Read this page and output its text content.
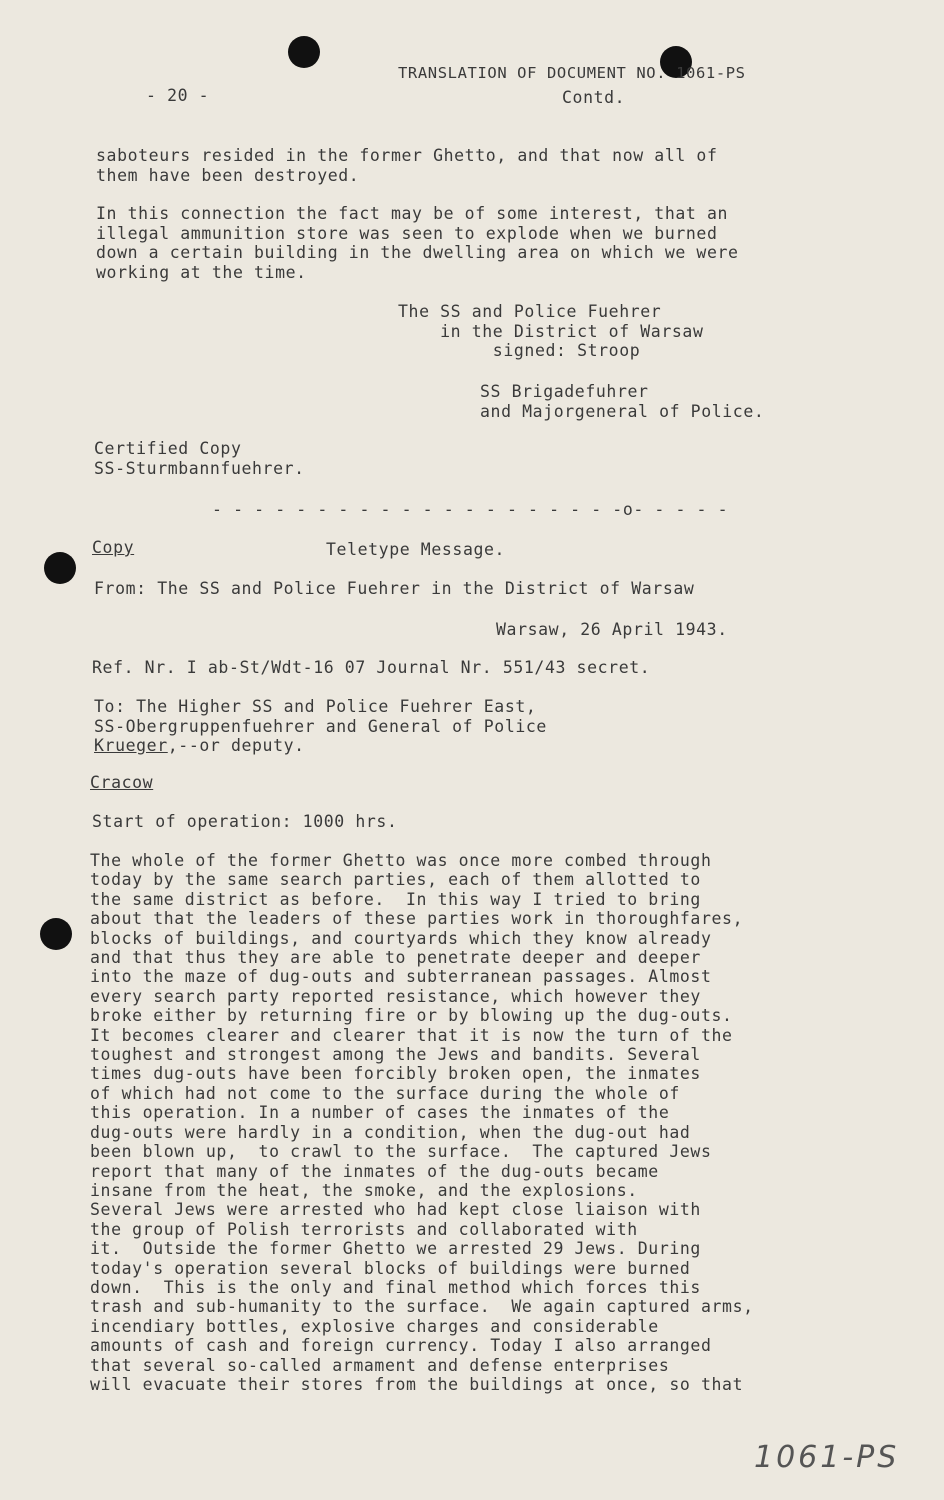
- 20 -

TRANSLATION OF DOCUMENT NO. 1061-PS

Contd.

saboteurs resided in the former Ghetto, and that now all of
them have been destroyed.

In this connection the fact may be of some interest, that an
illegal ammunition store was seen to explode when we burned
down a certain building in the dwelling area on which we were
working at the time.

The SS and Police Fuehrer
in the District of Warsaw
signed: Stroop

SS Brigadefuhrer
and Majorgeneral of Police.

Certified Copy
SS-Sturmbannfuehrer.

- - - - - - - - - - - - - - - - - - - -o- - - - -

Copy	Teletype Message.

From: The SS and Police Fuehrer in the District of Warsaw

Warsaw, 26 April 1943.

Ref. Nr. I ab-St/Wdt-16 07 Journal Nr. 551/43 secret.

To: The Higher SS and Police Fuehrer East,
SS-Obergruppenfuehrer and General of Police

Krueger,--or deputy.

Cracow

Start of operation: 1000 hrs.

The whole of the former Ghetto was once more combed through
today by the same search parties, each of them allotted to
the same district as before.  In this way I tried to bring
about that the leaders of these parties work in thoroughfares,
blocks of buildings, and courtyards which they know already
and that thus they are able to penetrate deeper and deeper
into the maze of dug-outs and subterranean passages. Almost
every search party reported resistance, which however they
broke either by returning fire or by blowing up the dug-outs.
It becomes clearer and clearer that it is now the turn of the
toughest and strongest among the Jews and bandits. Several
times dug-outs have been forcibly broken open, the inmates
of which had not come to the surface during the whole of
this operation. In a number of cases the inmates of the
dug-outs were hardly in a condition, when the dug-out had
been blown up,  to crawl to the surface.  The captured Jews
report that many of the inmates of the dug-outs became
insane from the heat, the smoke, and the explosions.
Several Jews were arrested who had kept close liaison with
the group of Polish terrorists and collaborated with
it.  Outside the former Ghetto we arrested 29 Jews. During
today's operation several blocks of buildings were burned
down.  This is the only and final method which forces this
trash and sub-humanity to the surface.  We again captured arms,
incendiary bottles, explosive charges and considerable
amounts of cash and foreign currency. Today I also arranged
that several so-called armament and defense enterprises
will evacuate their stores from the buildings at once, so that

1061-PS
